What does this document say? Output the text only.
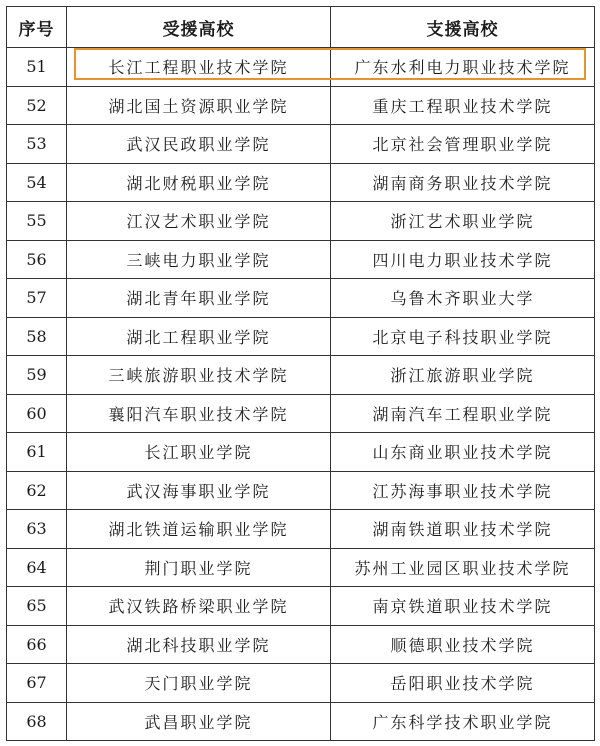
序号	受援高校	支援高校
51	长江工程职业技术学院	广东水利电力职业技术学院
52	湖北国土资源职业学院	重庆工程职业技术学院
53	武汉民政职业学院	北京社会管理职业学院
54	湖北财税职业学院	湖南商务职业技术学院
55	江汉艺术职业学院	浙江艺术职业学院
56	三峡电力职业学院	四川电力职业技术学院
57	湖北青年职业学院	乌鲁木齐职业大学
58	湖北工程职业学院	北京电子科技职业学院
59	三峡旅游职业技术学院	浙江旅游职业学院
60	襄阳汽车职业技术学院	湖南汽车工程职业学院
61	长江职业学院	山东商业职业技术学院
62	武汉海事职业学院	江苏海事职业技术学院
63	湖北铁道运输职业学院	湖南铁道职业技术学院
64	荆门职业学院	苏州工业园区职业技术学院
65	武汉铁路桥梁职业学院	南京铁道职业技术学院
66	湖北科技职业学院	顺德职业技术学院
67	天门职业学院	岳阳职业技术学院
68	武昌职业学院	广东科学技术职业学院
